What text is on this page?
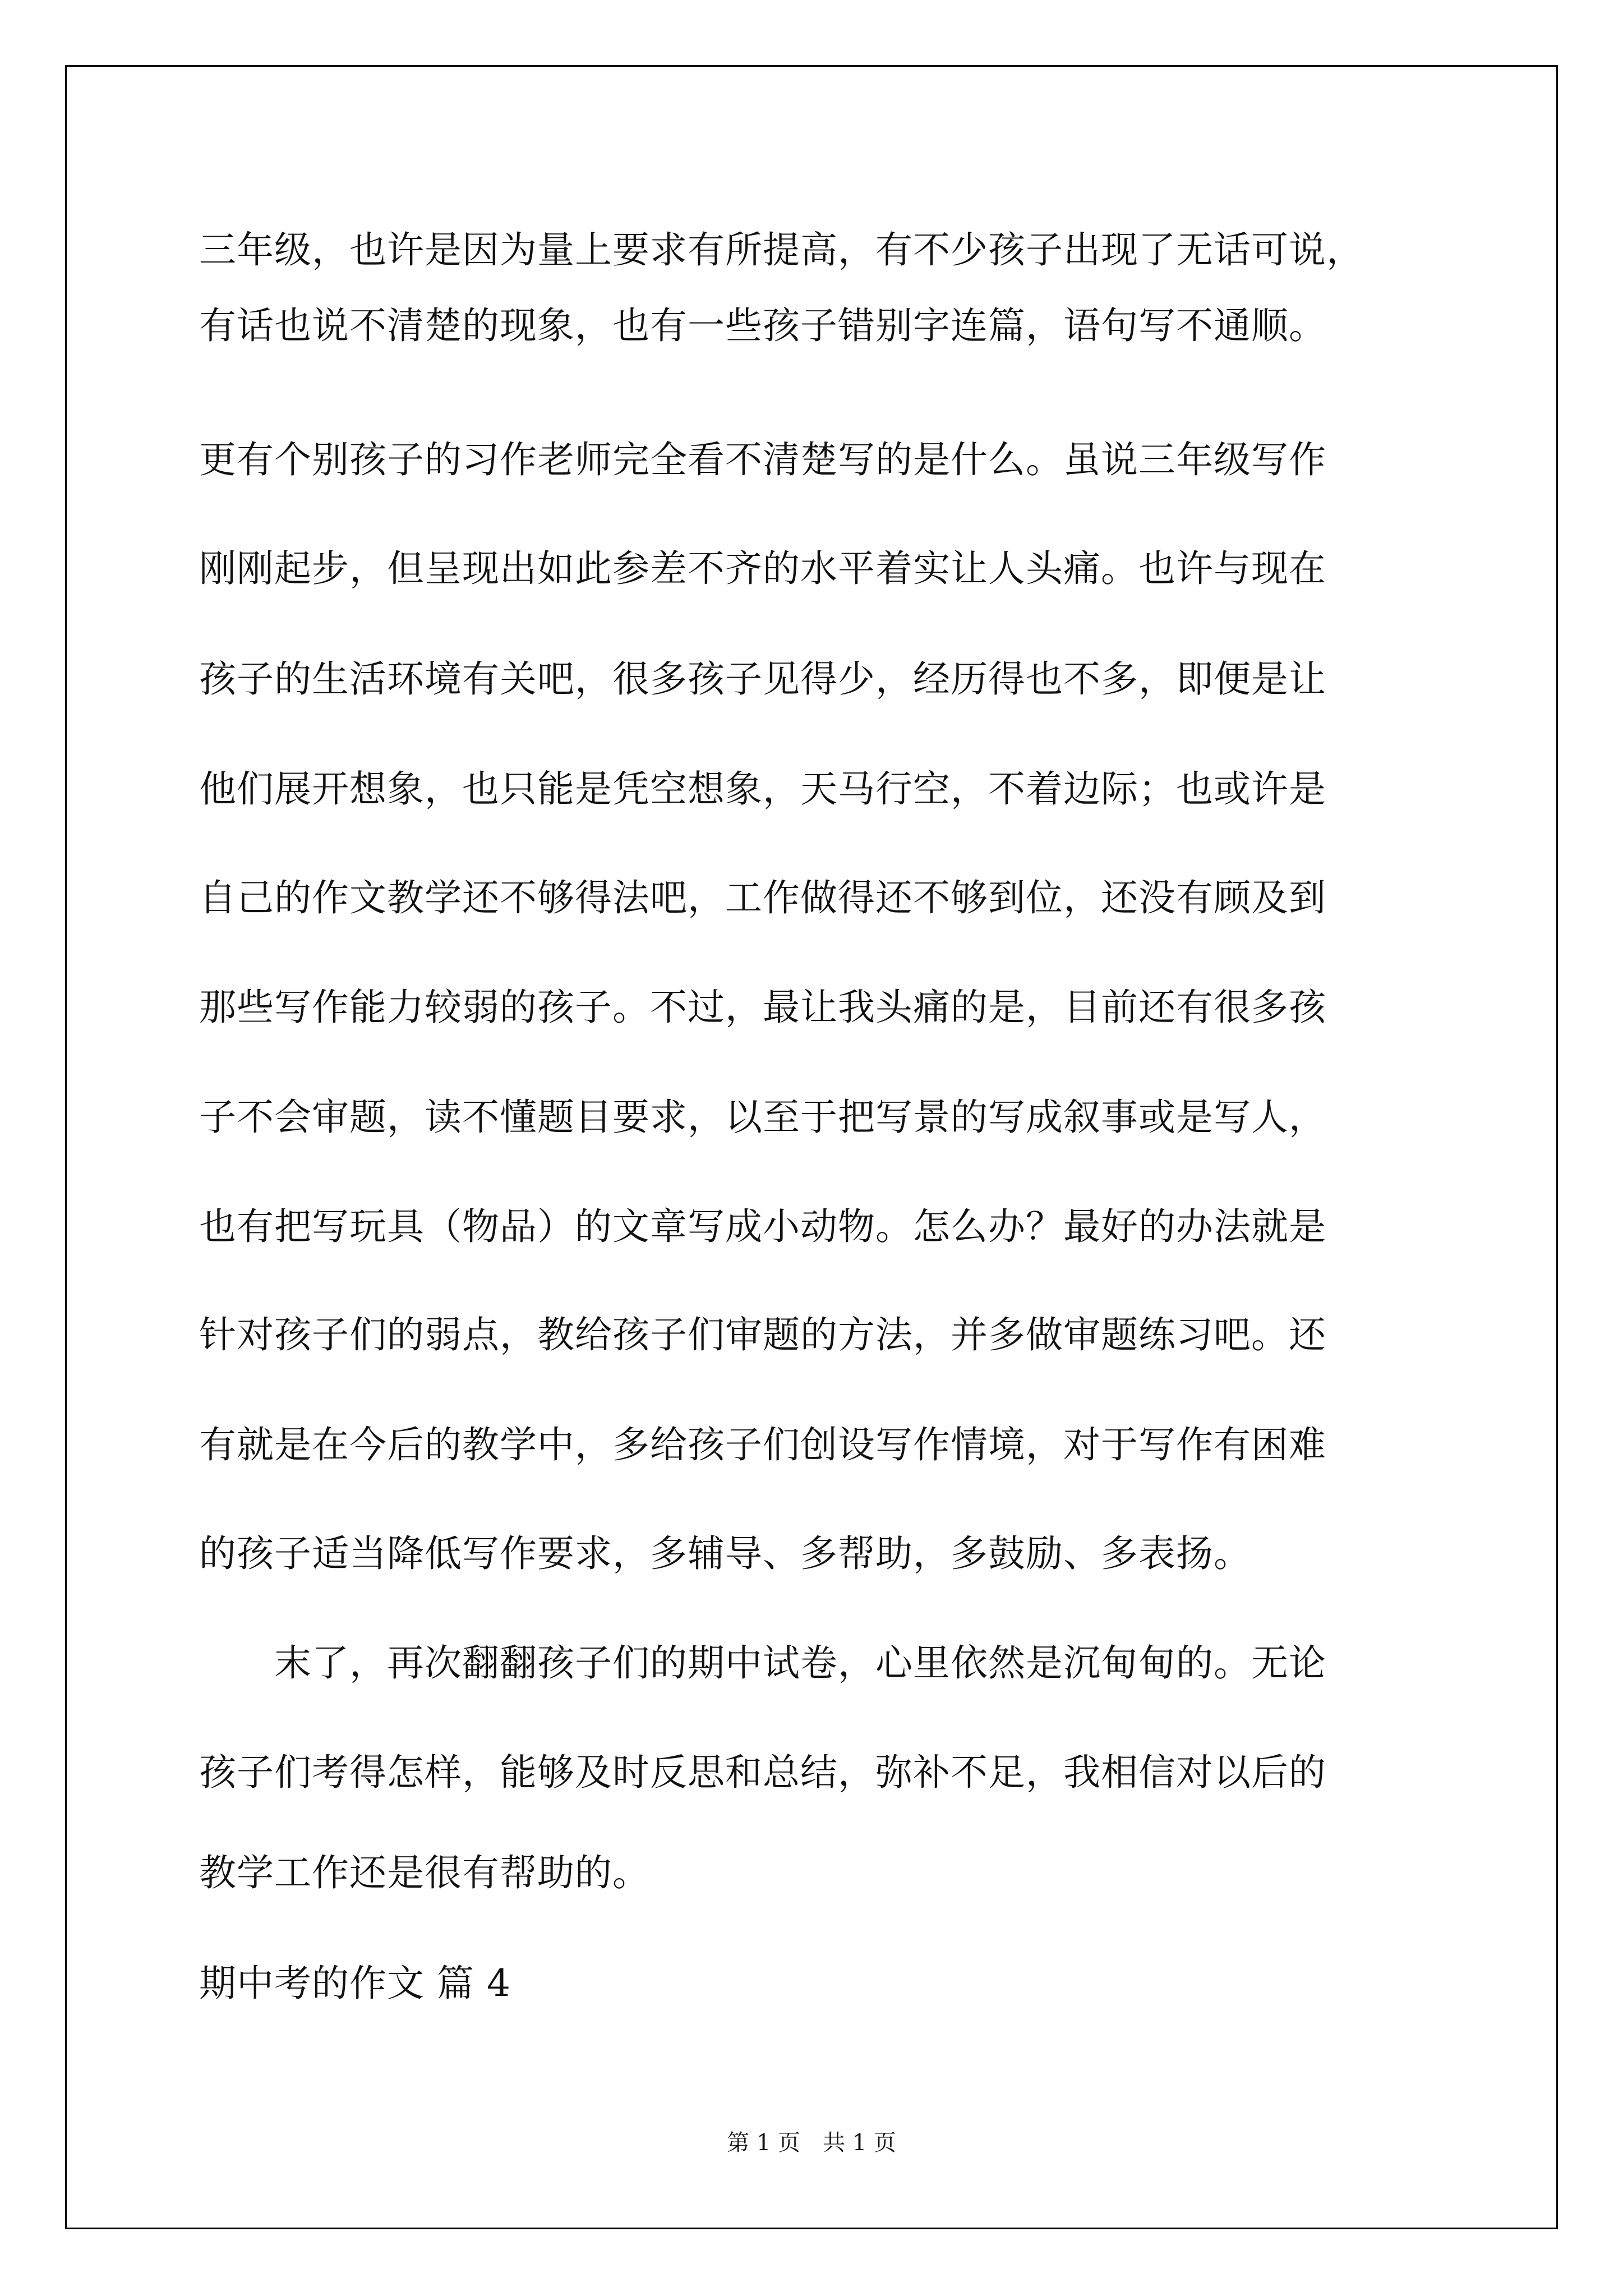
三年级，也许是因为量上要求有所提高，有不少孩子出现了无话可说，
有话也说不清楚的现象，也有一些孩子错别字连篇，语句写不通顺。
更有个别孩子的习作老师完全看不清楚写的是什么。虽说三年级写作
刚刚起步，但呈现出如此参差不齐的水平着实让人头痛。也许与现在
孩子的生活环境有关吧，很多孩子见得少，经历得也不多，即便是让
他们展开想象，也只能是凭空想象，天马行空，不着边际；也或许是
自己的作文教学还不够得法吧，工作做得还不够到位，还没有顾及到
那些写作能力较弱的孩子。不过，最让我头痛的是，目前还有很多孩
子不会审题，读不懂题目要求，以至于把写景的写成叙事或是写人，
也有把写玩具（物品）的文章写成小动物。怎么办？最好的办法就是
针对孩子们的弱点，教给孩子们审题的方法，并多做审题练习吧。还
有就是在今后的教学中，多给孩子们创设写作情境，对于写作有困难
的孩子适当降低写作要求，多辅导、多帮助，多鼓励、多表扬。
　　末了，再次翻翻孩子们的期中试卷，心里依然是沉甸甸的。无论
孩子们考得怎样，能够及时反思和总结，弥补不足，我相信对以后的
教学工作还是很有帮助的。
期中考的作文 篇 4
第 1 页　共 1 页
